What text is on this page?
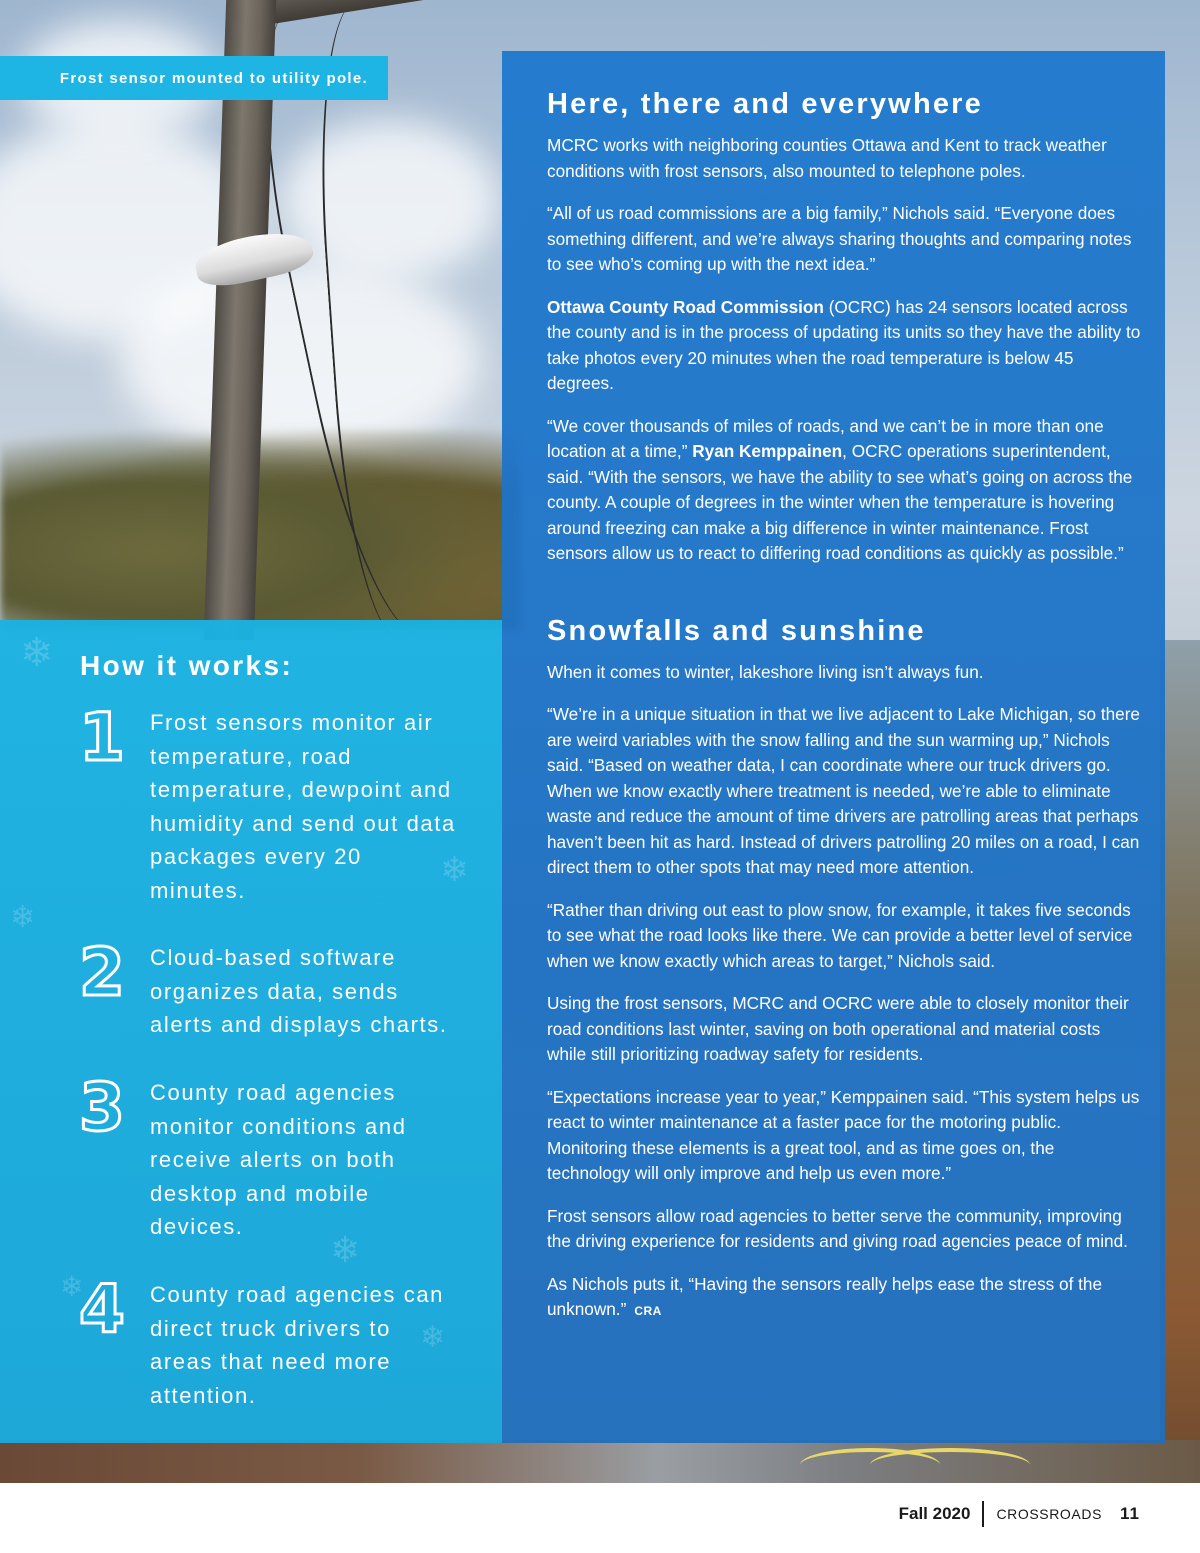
Frost sensor mounted to utility pole.
❄
❄
❄
❄
❄
❄
How it works:
1	Frost sensors monitor air temperature, road temperature, dewpoint and humidity and send out data packages every 20 minutes.

2	Cloud-based software organizes data, sends alerts and displays charts.

3	County road agencies monitor conditions and receive alerts on both desktop and mobile devices.

4	County road agencies can direct truck drivers to areas that need more attention.

Here, there and everywhere

MCRC works with neighboring counties Ottawa and Kent to track weather conditions with frost sensors, also mounted to telephone poles.

“All of us road commissions are a big family,” Nichols said. “Everyone does something different, and we’re always sharing thoughts and comparing notes to see who’s coming up with the next idea.”

Ottawa County Road Commission (OCRC) has 24 sensors located across the county and is in the process of updating its units so they have the ability to take photos every 20 minutes when the road temperature is below 45 degrees.

“We cover thousands of miles of roads, and we can’t be in more than one location at a time,” Ryan Kemppainen, OCRC operations superintendent, said. “With the sensors, we have the ability to see what’s going on across the county. A couple of degrees in the winter when the temperature is hovering around freezing can make a big difference in winter maintenance. Frost sensors allow us to react to differing road conditions as quickly as possible.”

Snowfalls and sunshine

When it comes to winter, lakeshore living isn’t always fun.

“We’re in a unique situation in that we live adjacent to Lake Michigan, so there are weird variables with the snow falling and the sun warming up,” Nichols said. “Based on weather data, I can coordinate where our truck drivers go. When we know exactly where treatment is needed, we’re able to eliminate waste and reduce the amount of time drivers are patrolling areas that perhaps haven’t been hit as hard. Instead of drivers patrolling 20 miles on a road, I can direct them to other spots that may need more attention.

“Rather than driving out east to plow snow, for example, it takes five seconds to see what the road looks like there. We can provide a better level of service when we know exactly which areas to target,” Nichols said.

Using the frost sensors, MCRC and OCRC were able to closely monitor their road conditions last winter, saving on both operational and material costs while still prioritizing roadway safety for residents.

“Expectations increase year to year,” Kemppainen said. “This system helps us react to winter maintenance at a faster pace for the motoring public. Monitoring these elements is a great tool, and as time goes on, the technology will only improve and help us even more.”

Frost sensors allow road agencies to better serve the community, improving the driving experience for residents and giving road agencies peace of mind.

As Nichols puts it, “Having the sensors really helps ease the stress of the unknown.” CRA

Fall 2020 CROSSROADS 11
